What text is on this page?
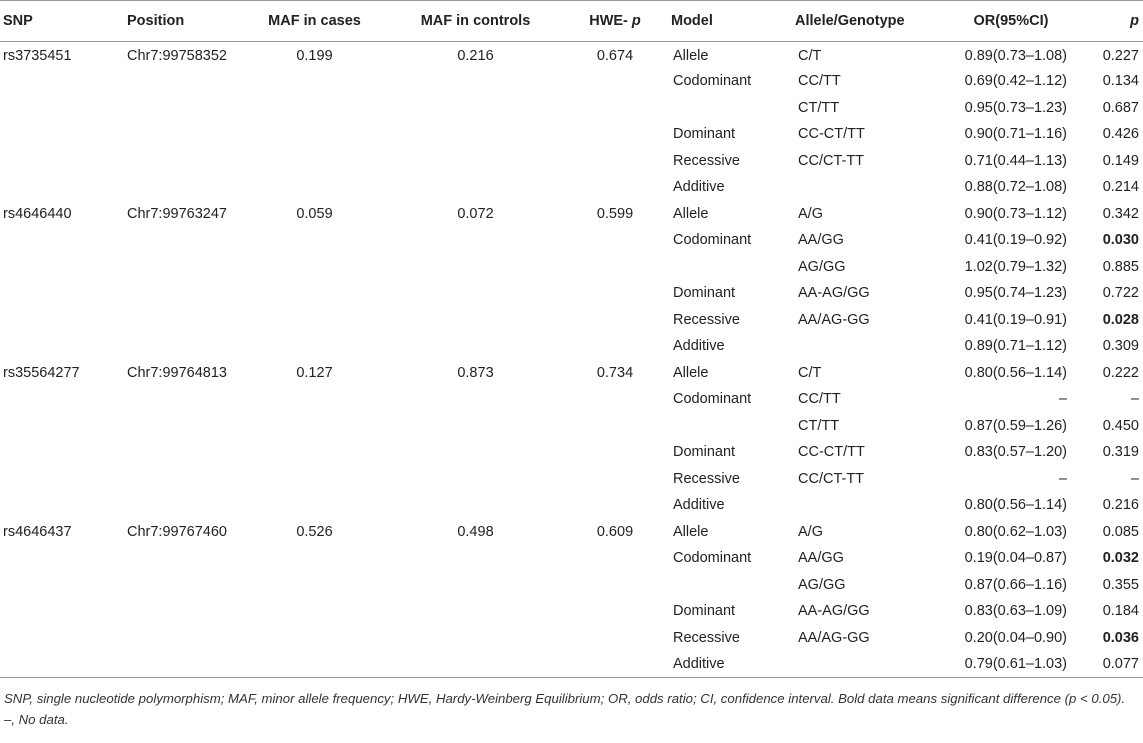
SNP	Position	MAF in cases	MAF in controls	HWE- p	Model	Allele/Genotype	OR(95%CI)	p
rs3735451	Chr7:99758352	0.199	0.216	0.674	Allele	C/T	0.89(0.73–1.08)	0.227
					Codominant	CC/TT	0.69(0.42–1.12)	0.134
						CT/TT	0.95(0.73–1.23)	0.687
					Dominant	CC-CT/TT	0.90(0.71–1.16)	0.426
					Recessive	CC/CT-TT	0.71(0.44–1.13)	0.149
					Additive		0.88(0.72–1.08)	0.214
rs4646440	Chr7:99763247	0.059	0.072	0.599	Allele	A/G	0.90(0.73–1.12)	0.342
					Codominant	AA/GG	0.41(0.19–0.92)	0.030
						AG/GG	1.02(0.79–1.32)	0.885
					Dominant	AA-AG/GG	0.95(0.74–1.23)	0.722
					Recessive	AA/AG-GG	0.41(0.19–0.91)	0.028
					Additive		0.89(0.71–1.12)	0.309
rs35564277	Chr7:99764813	0.127	0.873	0.734	Allele	C/T	0.80(0.56–1.14)	0.222
					Codominant	CC/TT	–	–
						CT/TT	0.87(0.59–1.26)	0.450
					Dominant	CC-CT/TT	0.83(0.57–1.20)	0.319
					Recessive	CC/CT-TT	–	–
					Additive		0.80(0.56–1.14)	0.216
rs4646437	Chr7:99767460	0.526	0.498	0.609	Allele	A/G	0.80(0.62–1.03)	0.085
					Codominant	AA/GG	0.19(0.04–0.87)	0.032
						AG/GG	0.87(0.66–1.16)	0.355
					Dominant	AA-AG/GG	0.83(0.63–1.09)	0.184
					Recessive	AA/AG-GG	0.20(0.04–0.90)	0.036
					Additive		0.79(0.61–1.03)	0.077
SNP, single nucleotide polymorphism; MAF, minor allele frequency; HWE, Hardy-Weinberg Equilibrium; OR, odds ratio; CI, confidence interval. Bold data means significant difference (p < 0.05). –, No data.
